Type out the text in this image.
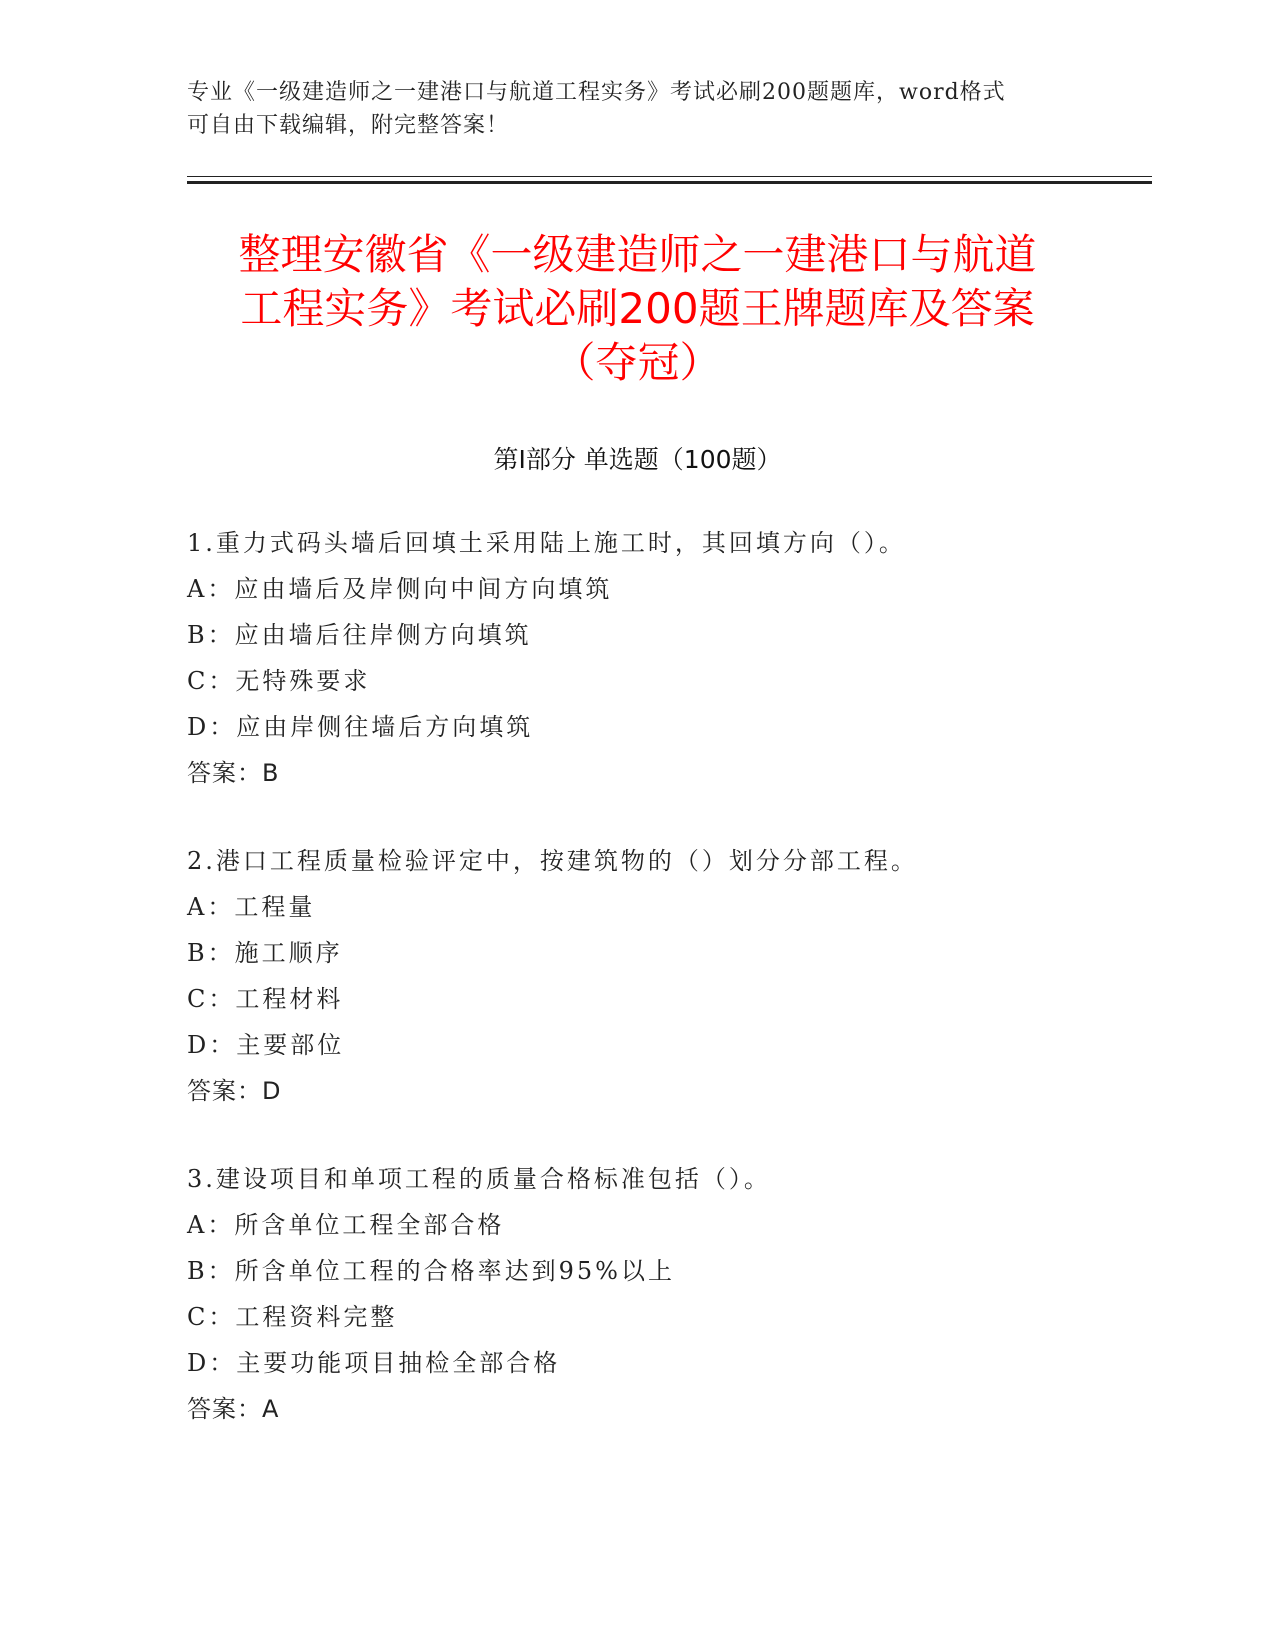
专业《一级建造师之一建港口与航道工程实务》考试必刷200题题库，word格式
可自由下载编辑，附完整答案！
整理安徽省《一级建造师之一建港口与航道
工程实务》考试必刷200题王牌题库及答案
（夺冠）
第Ⅰ部分 单选题（100题）
1.重力式码头墙后回填土采用陆上施工时，其回填方向（）。
A：应由墙后及岸侧向中间方向填筑
B：应由墙后往岸侧方向填筑
C：无特殊要求
D：应由岸侧往墙后方向填筑
答案：B
2.港口工程质量检验评定中，按建筑物的（）划分分部工程。
A：工程量
B：施工顺序
C：工程材料
D：主要部位
答案：D
3.建设项目和单项工程的质量合格标准包括（）。
A：所含单位工程全部合格
B：所含单位工程的合格率达到95%以上
C：工程资料完整
D：主要功能项目抽检全部合格
答案：A
